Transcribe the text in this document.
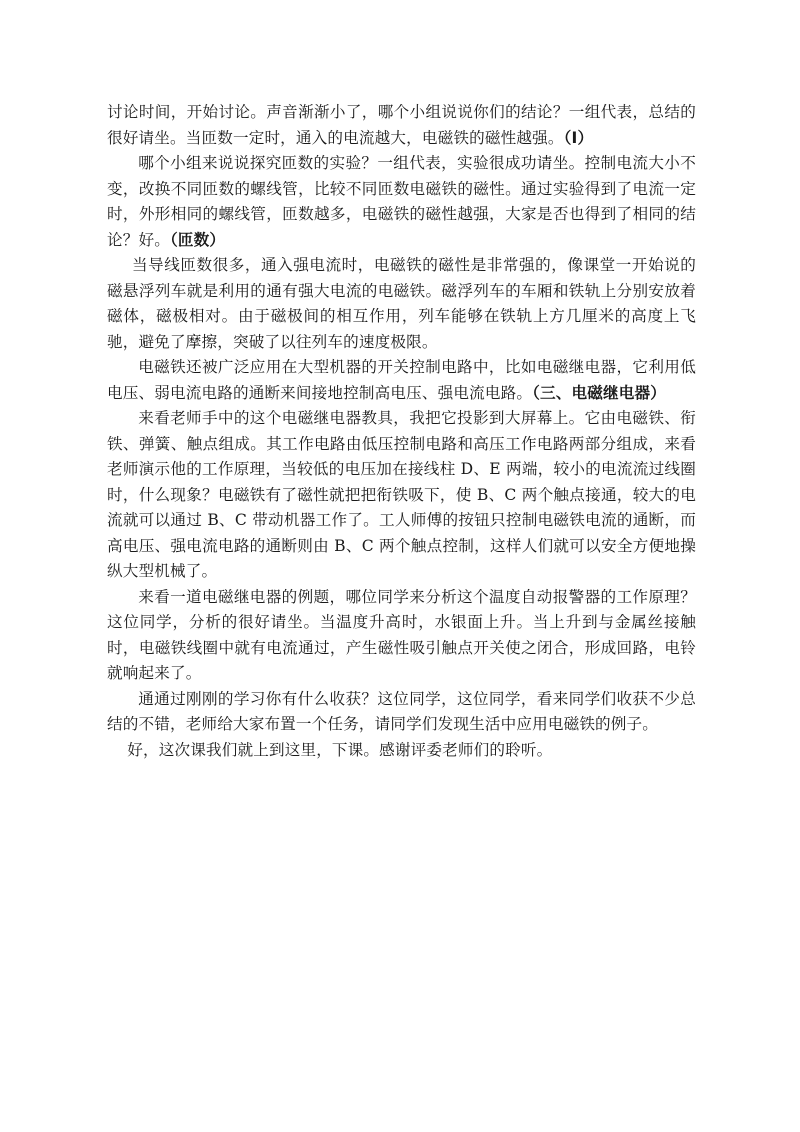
讨论时间，开始讨论。声音渐渐小了，哪个小组说说你们的结论？一组代表，总结的很好请坐。当匝数一定时，通入的电流越大，电磁铁的磁性越强。（I）

哪个小组来说说探究匝数的实验？一组代表，实验很成功请坐。控制电流大小不变，改换不同匝数的螺线管，比较不同匝数电磁铁的磁性。通过实验得到了电流一定时，外形相同的螺线管，匝数越多，电磁铁的磁性越强，大家是否也得到了相同的结论？好。（匝数）

当导线匝数很多，通入强电流时，电磁铁的磁性是非常强的，像课堂一开始说的磁悬浮列车就是利用的通有强大电流的电磁铁。磁浮列车的车厢和铁轨上分别安放着磁体，磁极相对。由于磁极间的相互作用，列车能够在铁轨上方几厘米的高度上飞驰，避免了摩擦，突破了以往列车的速度极限。

电磁铁还被广泛应用在大型机器的开关控制电路中，比如电磁继电器，它利用低电压、弱电流电路的通断来间接地控制高电压、强电流电路。（三、电磁继电器）

来看老师手中的这个电磁继电器教具，我把它投影到大屏幕上。它由电磁铁、衔铁、弹簧、触点组成。其工作电路由低压控制电路和高压工作电路两部分组成，来看老师演示他的工作原理，当较低的电压加在接线柱 D、E 两端，较小的电流流过线圈时，什么现象？电磁铁有了磁性就把把衔铁吸下，使 B、C 两个触点接通，较大的电流就可以通过 B、C 带动机器工作了。工人师傅的按钮只控制电磁铁电流的通断，而高电压、强电流电路的通断则由 B、C 两个触点控制，这样人们就可以安全方便地操纵大型机械了。

来看一道电磁继电器的例题，哪位同学来分析这个温度自动报警器的工作原理？这位同学，分析的很好请坐。当温度升高时，水银面上升。当上升到与金属丝接触时，电磁铁线圈中就有电流通过，产生磁性吸引触点开关使之闭合，形成回路，电铃就响起来了。

通通过刚刚的学习你有什么收获？这位同学，这位同学，看来同学们收获不少总结的不错，老师给大家布置一个任务，请同学们发现生活中应用电磁铁的例子。

好，这次课我们就上到这里，下课。感谢评委老师们的聆听。
